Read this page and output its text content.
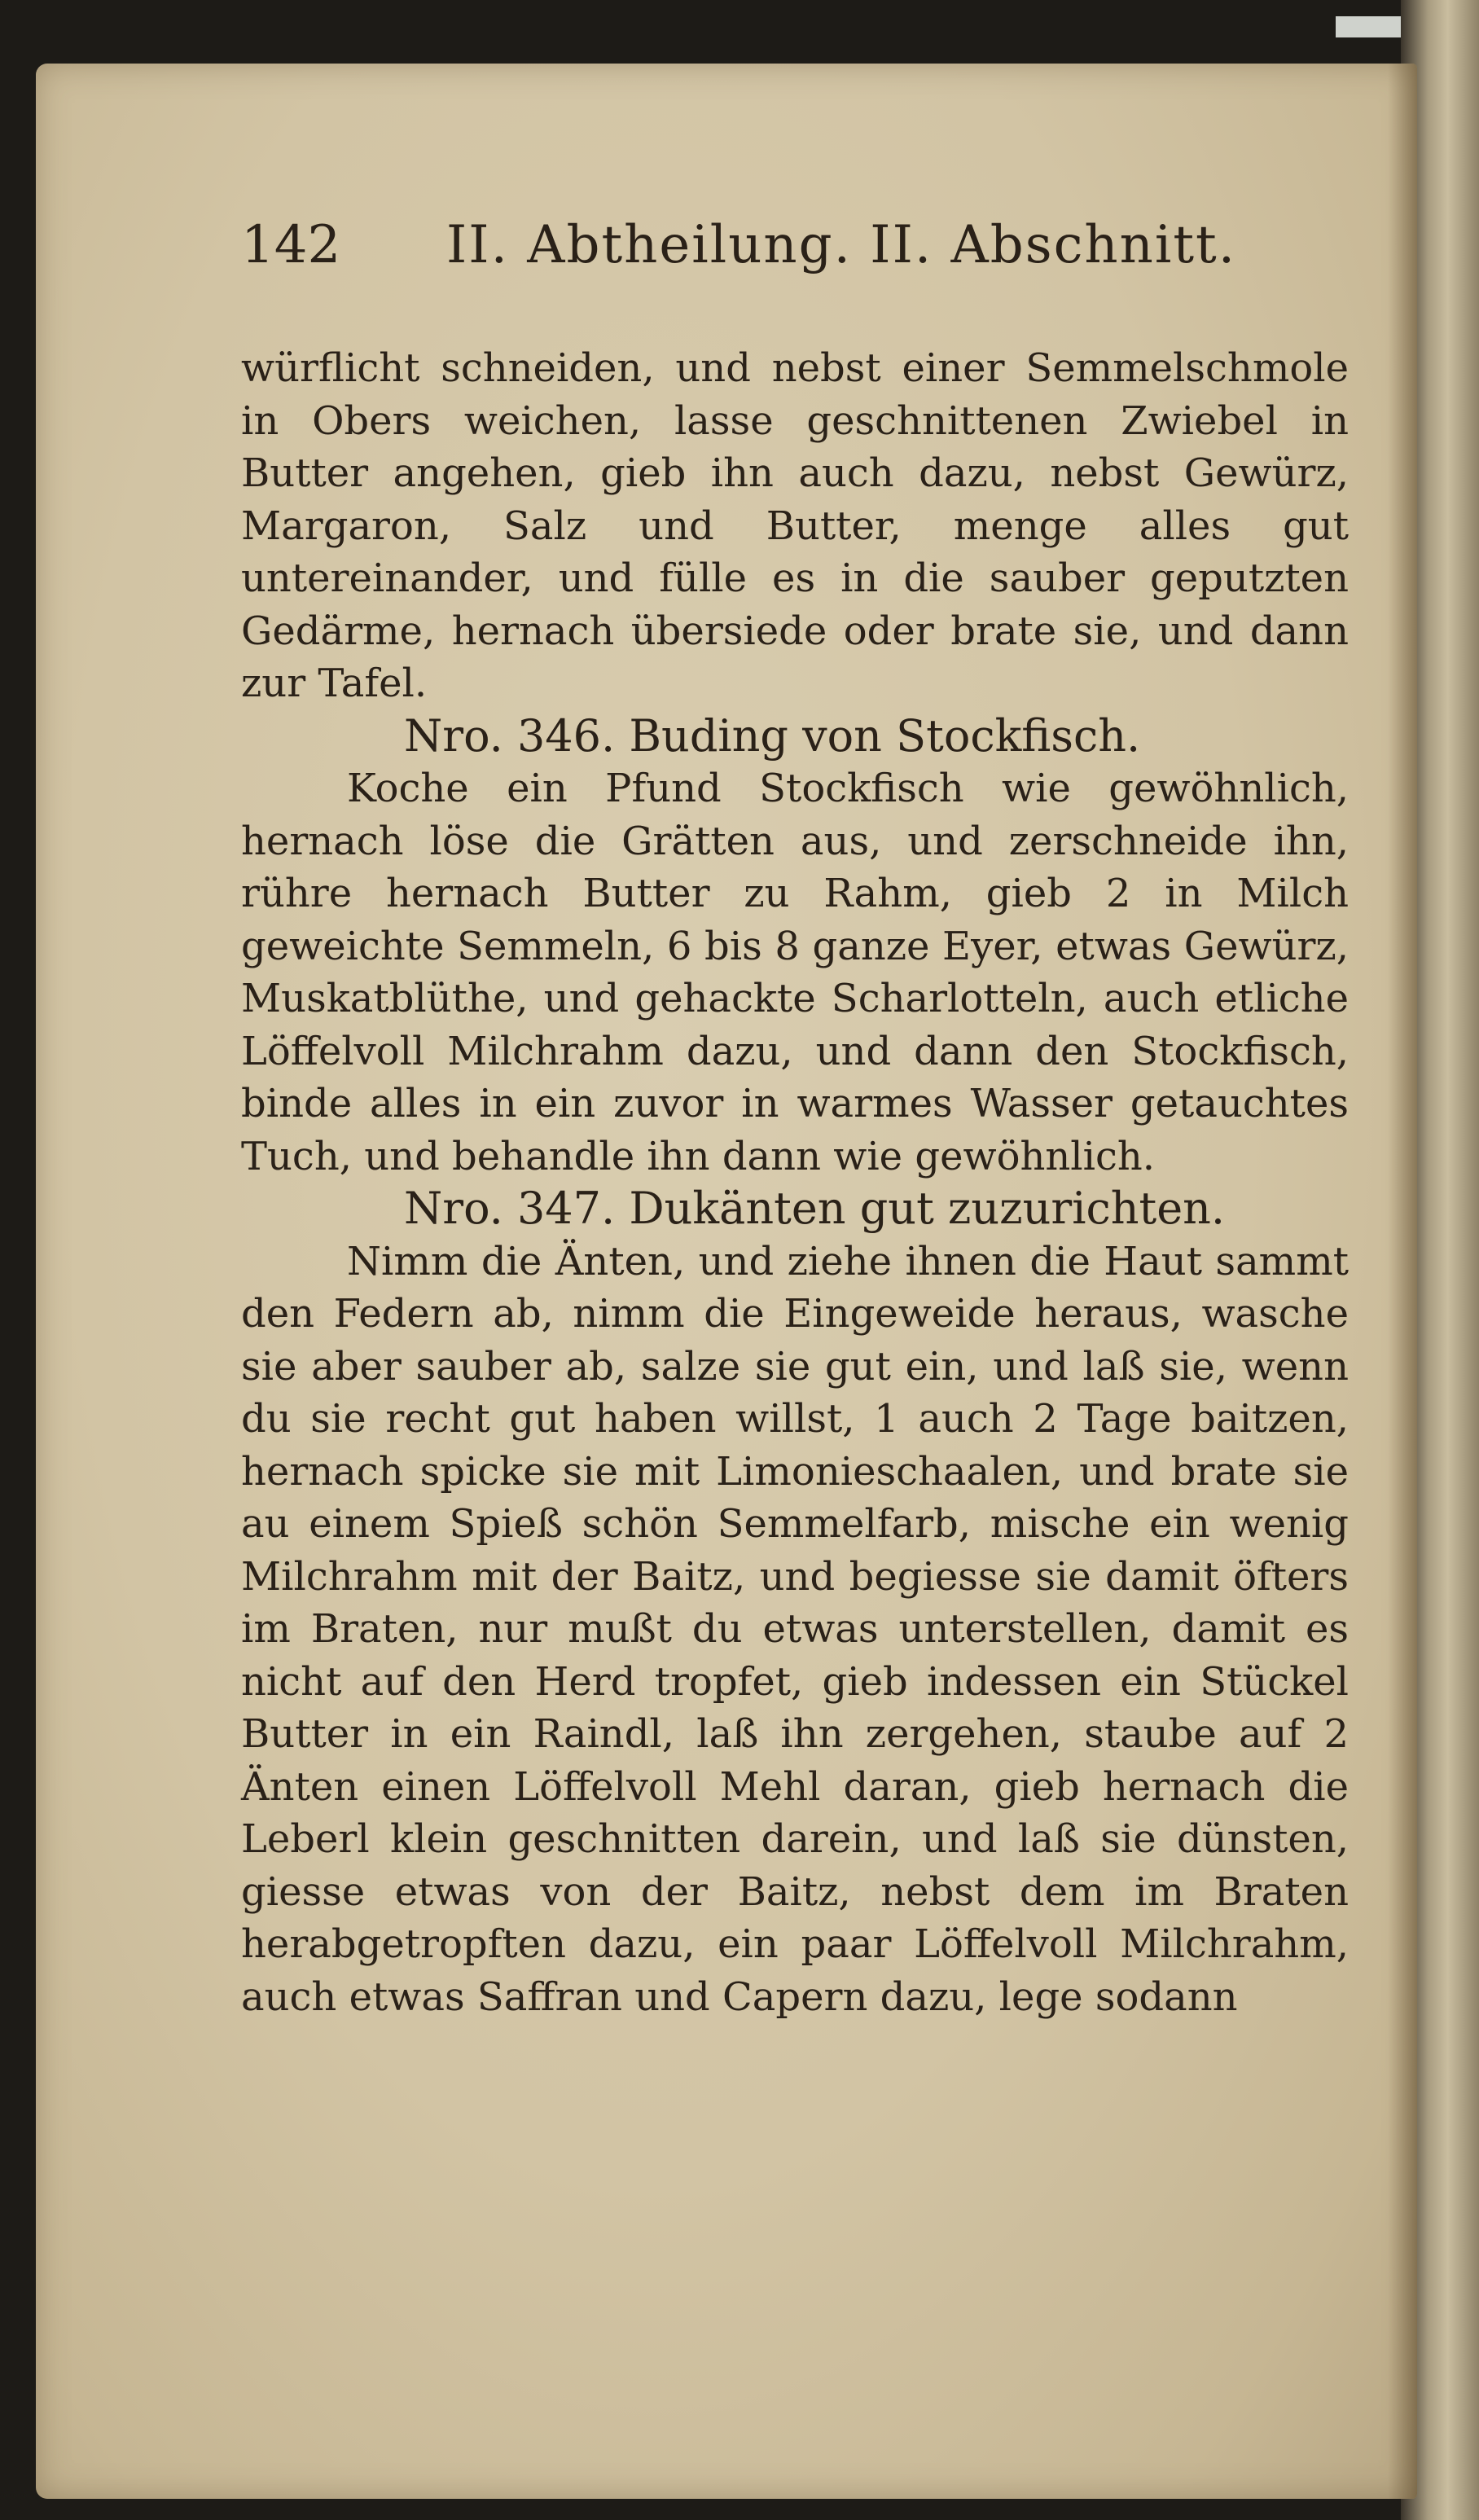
142 II. Abtheilung. II. Abschnitt.

würflicht schneiden, und nebst einer Semmelschmole in Obers weichen, lasse geschnittenen Zwiebel in Butter angehen, gieb ihn auch dazu, nebst Gewürz, Margaron, Salz und Butter, menge alles gut untereinander, und fülle es in die sauber geputzten Gedärme, hernach übersiede oder brate sie, und dann zur Tafel.

Nro. 346. Buding von Stockfisch.

Koche ein Pfund Stockfisch wie gewöhnlich, hernach löse die Grätten aus, und zerschneide ihn, rühre hernach Butter zu Rahm, gieb 2 in Milch geweichte Semmeln, 6 bis 8 ganze Eyer, etwas Gewürz, Muskatblüthe, und gehackte Scharlotteln, auch etliche Löffelvoll Milchrahm dazu, und dann den Stockfisch, binde alles in ein zuvor in warmes Wasser getauchtes Tuch, und behandle ihn dann wie gewöhnlich.

Nro. 347. Dukänten gut zuzurichten.

Nimm die Änten, und ziehe ihnen die Haut sammt den Federn ab, nimm die Eingeweide heraus, wasche sie aber sauber ab, salze sie gut ein, und laß sie, wenn du sie recht gut haben willst, 1 auch 2 Tage baitzen, hernach spicke sie mit Limonieschaalen, und brate sie au einem Spieß schön Semmelfarb, mische ein wenig Milchrahm mit der Baitz, und begiesse sie damit öfters im Braten, nur mußt du etwas unterstellen, damit es nicht auf den Herd tropfet, gieb indessen ein Stückel Butter in ein Raindl, laß ihn zergehen, staube auf 2 Änten einen Löffelvoll Mehl daran, gieb hernach die Leberl klein geschnitten darein, und laß sie dünsten, giesse etwas von der Baitz, nebst dem im Braten herabgetropften dazu, ein paar Löffelvoll Milchrahm, auch etwas Saffran und Capern dazu, lege sodann
